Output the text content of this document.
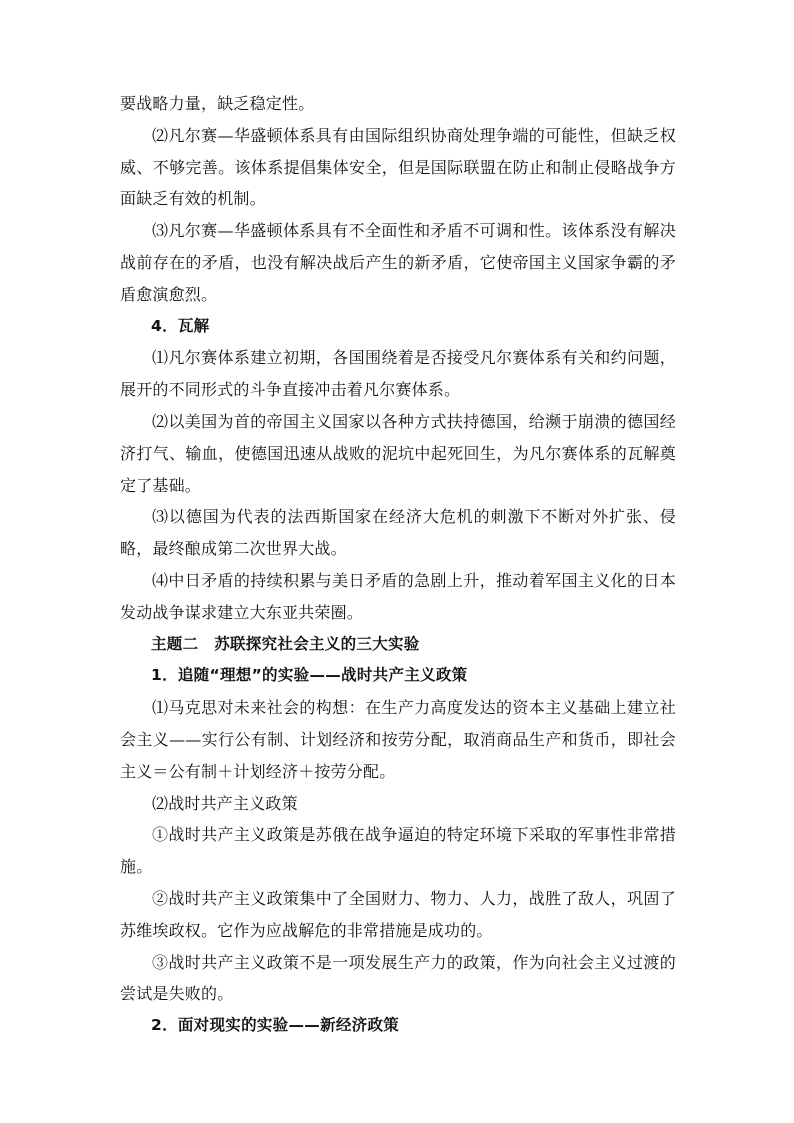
要战略力量，缺乏稳定性。

⑵凡尔赛—华盛顿体系具有由国际组织协商处理争端的可能性，但缺乏权威、不够完善。该体系提倡集体安全，但是国际联盟在防止和制止侵略战争方面缺乏有效的机制。

⑶凡尔赛—华盛顿体系具有不全面性和矛盾不可调和性。该体系没有解决战前存在的矛盾，也没有解决战后产生的新矛盾，它使帝国主义国家争霸的矛盾愈演愈烈。

4．瓦解

⑴凡尔赛体系建立初期，各国围绕着是否接受凡尔赛体系有关和约问题，展开的不同形式的斗争直接冲击着凡尔赛体系。

⑵以美国为首的帝国主义国家以各种方式扶持德国，给濒于崩溃的德国经济打气、输血，使德国迅速从战败的泥坑中起死回生，为凡尔赛体系的瓦解奠定了基础。

⑶以德国为代表的法西斯国家在经济大危机的刺激下不断对外扩张、侵略，最终酿成第二次世界大战。

⑷中日矛盾的持续积累与美日矛盾的急剧上升，推动着军国主义化的日本发动战争谋求建立大东亚共荣圈。

主题二　苏联探究社会主义的三大实验

1．追随“理想”的实验——战时共产主义政策

⑴马克思对未来社会的构想：在生产力高度发达的资本主义基础上建立社会主义——实行公有制、计划经济和按劳分配，取消商品生产和货币，即社会主义＝公有制＋计划经济＋按劳分配。

⑵战时共产主义政策

①战时共产主义政策是苏俄在战争逼迫的特定环境下采取的军事性非常措施。

②战时共产主义政策集中了全国财力、物力、人力，战胜了敌人，巩固了苏维埃政权。它作为应战解危的非常措施是成功的。

③战时共产主义政策不是一项发展生产力的政策，作为向社会主义过渡的尝试是失败的。

2．面对现实的实验——新经济政策
